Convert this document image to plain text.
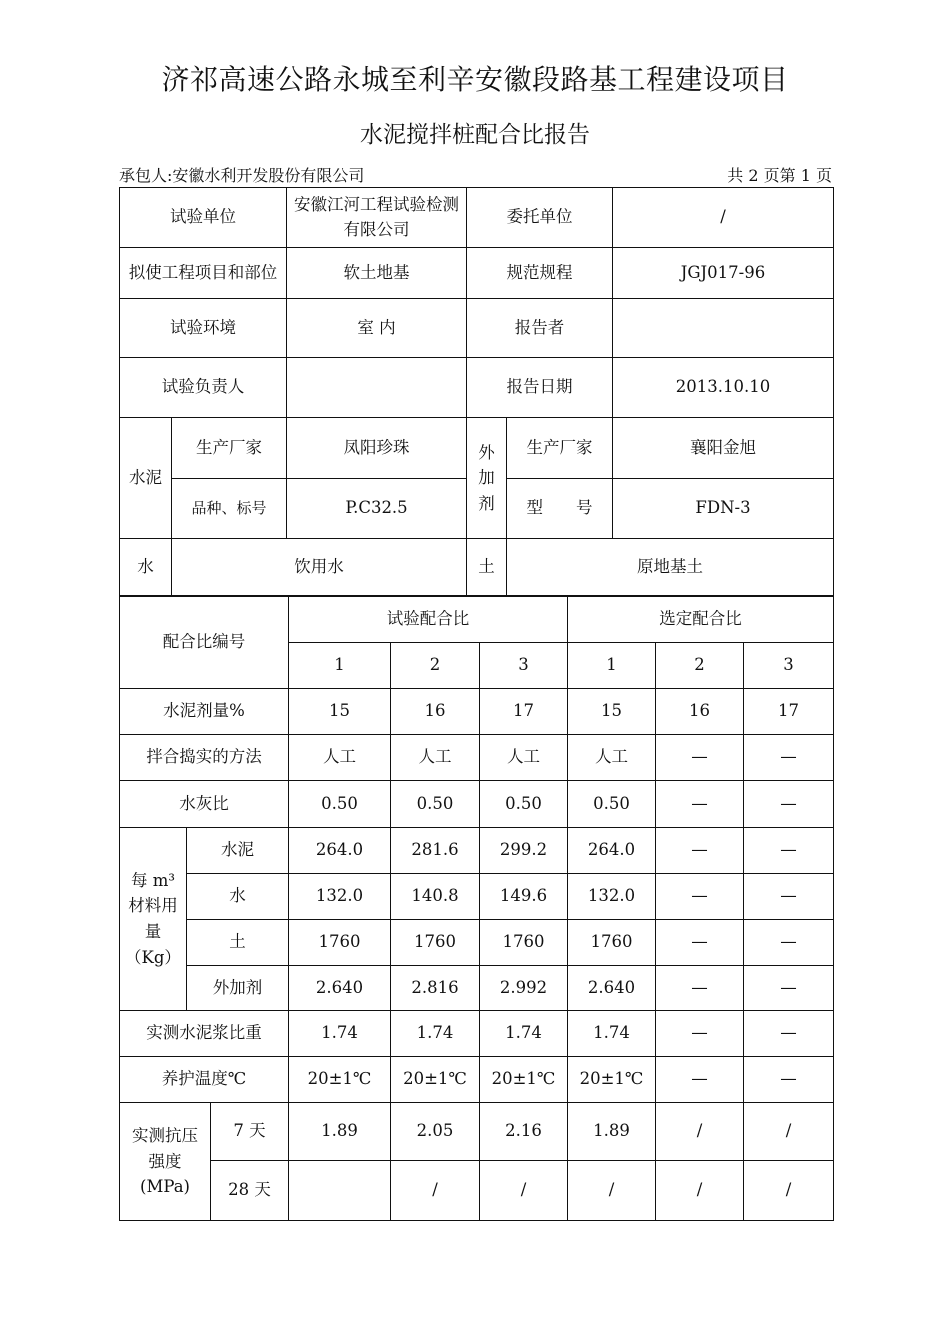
济祁高速公路永城至利辛安徽段路基工程建设项目
水泥搅拌桩配合比报告
承包人:安徽水利开发股份有限公司	共 2 页第 1 页
试验单位		安徽江河工程试验检测有限公司	委托单位		/
拟使工程项目和部位		软土地基	规范规程		JGJ017-96
试验环境		室 内	报告者		
试验负责人			报告日期		2013.10.10
水泥	生产厂家	凤阳珍珠	外加剂	生产厂家	襄阳金旭
	品种、标号	P.C32.5		型　　号	FDN-3
水	饮用水		土	原地基土	
配合比编号			试验配合比			选定配合比		
			1	2	3	1	2	3
水泥剂量%			15	16	17	15	16	17
拌合捣实的方法			人工	人工	人工	人工	—	—
水灰比			0.50	0.50	0.50	0.50	—	—
每 m³ 材料用量（Kg）	水泥		264.0	281.6	299.2	264.0	—	—
	水		132.0	140.8	149.6	132.0	—	—
	土		1760	1760	1760	1760	—	—
	外加剂		2.640	2.816	2.992	2.640	—	—
实测水泥浆比重			1.74	1.74	1.74	1.74	—	—
养护温度℃			20±1℃	20±1℃	20±1℃	20±1℃	—	—
实测抗压强度(MPa)		7 天	1.89	2.05	2.16	1.89	/	/
		28 天		/	/	/	/	/
